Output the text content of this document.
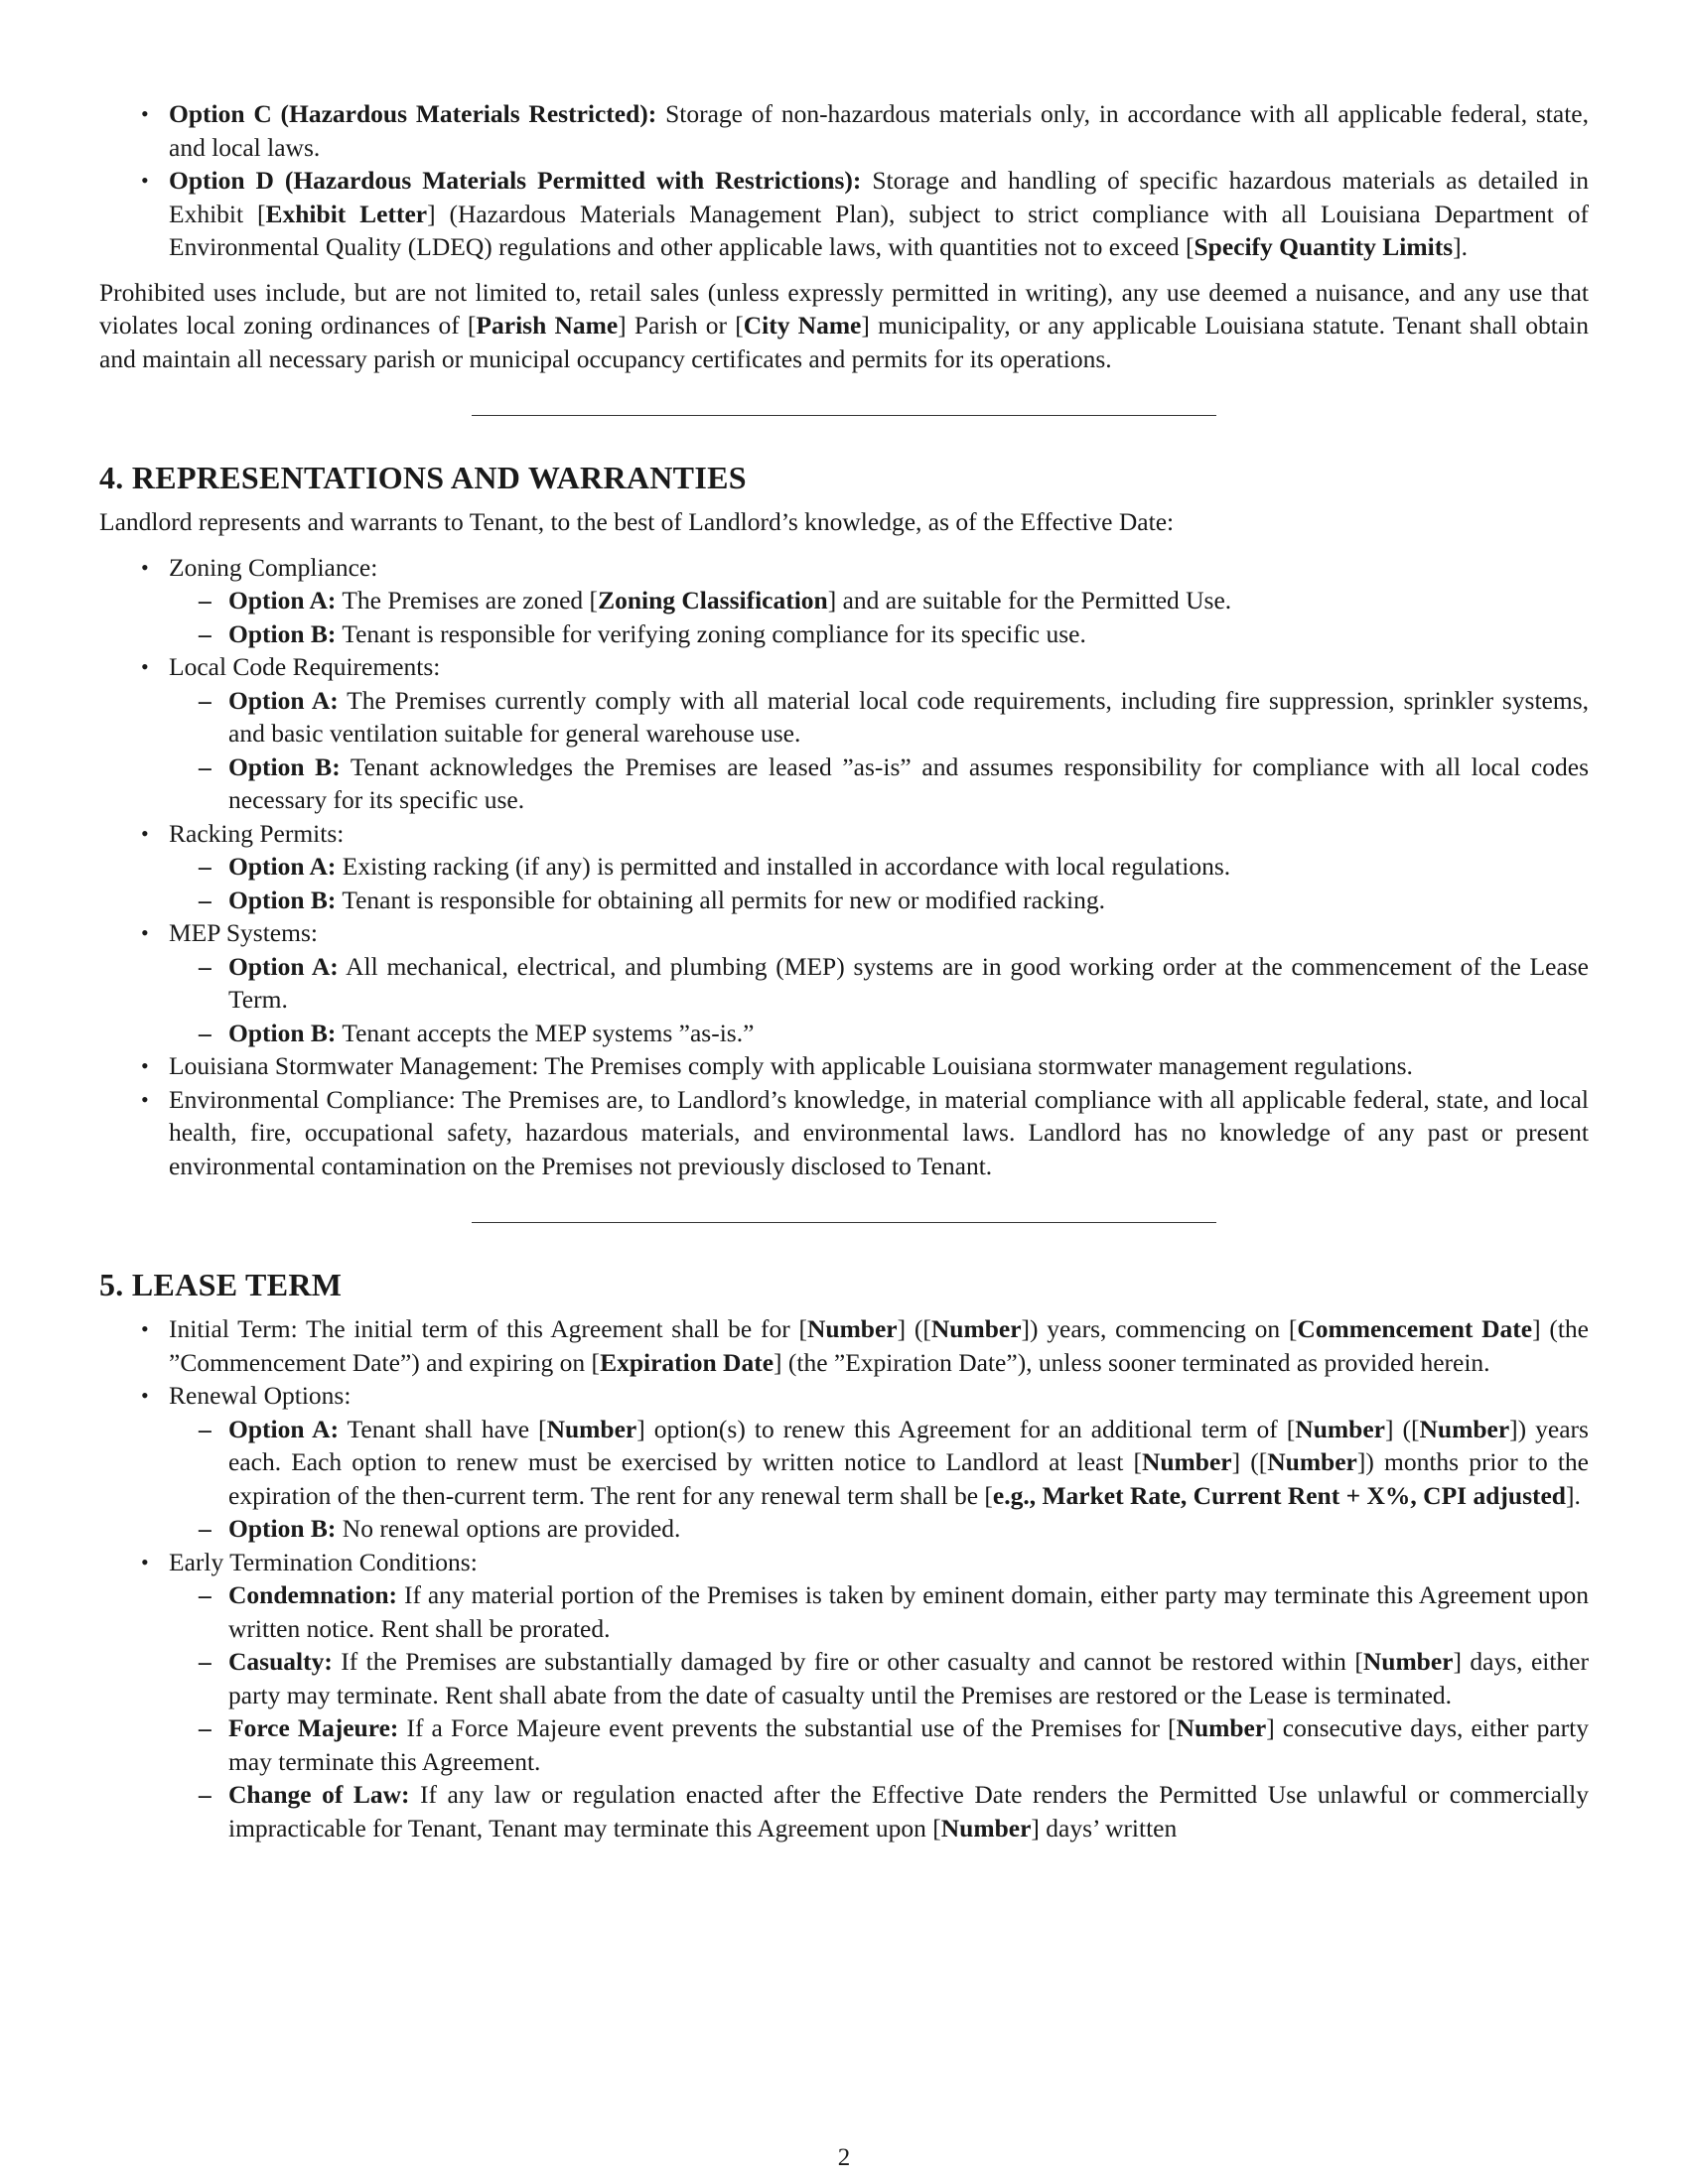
• Option C (Hazardous Materials Restricted): Storage of non-hazardous materials only, in accordance with all applicable federal, state, and local laws.
• Option D (Hazardous Materials Permitted with Restrictions): Storage and handling of specific hazardous materials as detailed in Exhibit [Exhibit Letter] (Hazardous Materials Management Plan), subject to strict compliance with all Louisiana Department of Environmental Quality (LDEQ) regulations and other applicable laws, with quantities not to exceed [Specify Quantity Limits].

Prohibited uses include, but are not limited to, retail sales (unless expressly permitted in writing), any use deemed a nuisance, and any use that violates local zoning ordinances of [Parish Name] Parish or [City Name] municipality, or any applicable Louisiana statute. Tenant shall obtain and maintain all necessary parish or municipal occupancy certificates and permits for its operations.

4. REPRESENTATIONS AND WARRANTIES

Landlord represents and warrants to Tenant, to the best of Landlord’s knowledge, as of the Effective Date:

• Zoning Compliance:
– Option A: The Premises are zoned [Zoning Classification] and are suitable for the Permitted Use.
– Option B: Tenant is responsible for verifying zoning compliance for its specific use.
• Local Code Requirements:
– Option A: The Premises currently comply with all material local code requirements, including fire suppression, sprinkler systems, and basic ventilation suitable for general warehouse use.
– Option B: Tenant acknowledges the Premises are leased ”as-is” and assumes responsibility for compliance with all local codes necessary for its specific use.
• Racking Permits:
– Option A: Existing racking (if any) is permitted and installed in accordance with local regulations.
– Option B: Tenant is responsible for obtaining all permits for new or modified racking.
• MEP Systems:
– Option A: All mechanical, electrical, and plumbing (MEP) systems are in good working order at the commencement of the Lease Term.
– Option B: Tenant accepts the MEP systems ”as-is.”
• Louisiana Stormwater Management: The Premises comply with applicable Louisiana stormwater management regulations.
• Environmental Compliance: The Premises are, to Landlord’s knowledge, in material compliance with all applicable federal, state, and local health, fire, occupational safety, hazardous materials, and environmental laws. Landlord has no knowledge of any past or present environmental contamination on the Premises not previously disclosed to Tenant.
5. LEASE TERM
• Initial Term: The initial term of this Agreement shall be for [Number] ([Number]) years, commencing on [Commencement Date] (the ”Commencement Date”) and expiring on [Expiration Date] (the ”Expiration Date”), unless sooner terminated as provided herein.
• Renewal Options:
– Option A: Tenant shall have [Number] option(s) to renew this Agreement for an additional term of [Number] ([Number]) years each. Each option to renew must be exercised by written notice to Landlord at least [Number] ([Number]) months prior to the expiration of the then-current term. The rent for any renewal term shall be [e.g., Market Rate, Current Rent + X%, CPI adjusted].
– Option B: No renewal options are provided.
• Early Termination Conditions:
– Condemnation: If any material portion of the Premises is taken by eminent domain, either party may terminate this Agreement upon written notice. Rent shall be prorated.
– Casualty: If the Premises are substantially damaged by fire or other casualty and cannot be restored within [Number] days, either party may terminate. Rent shall abate from the date of casualty until the Premises are restored or the Lease is terminated.
– Force Majeure: If a Force Majeure event prevents the substantial use of the Premises for [Number] consecutive days, either party may terminate this Agreement.
– Change of Law: If any law or regulation enacted after the Effective Date renders the Permitted Use unlawful or commercially impracticable for Tenant, Tenant may terminate this Agreement upon [Number] days’ written
2
